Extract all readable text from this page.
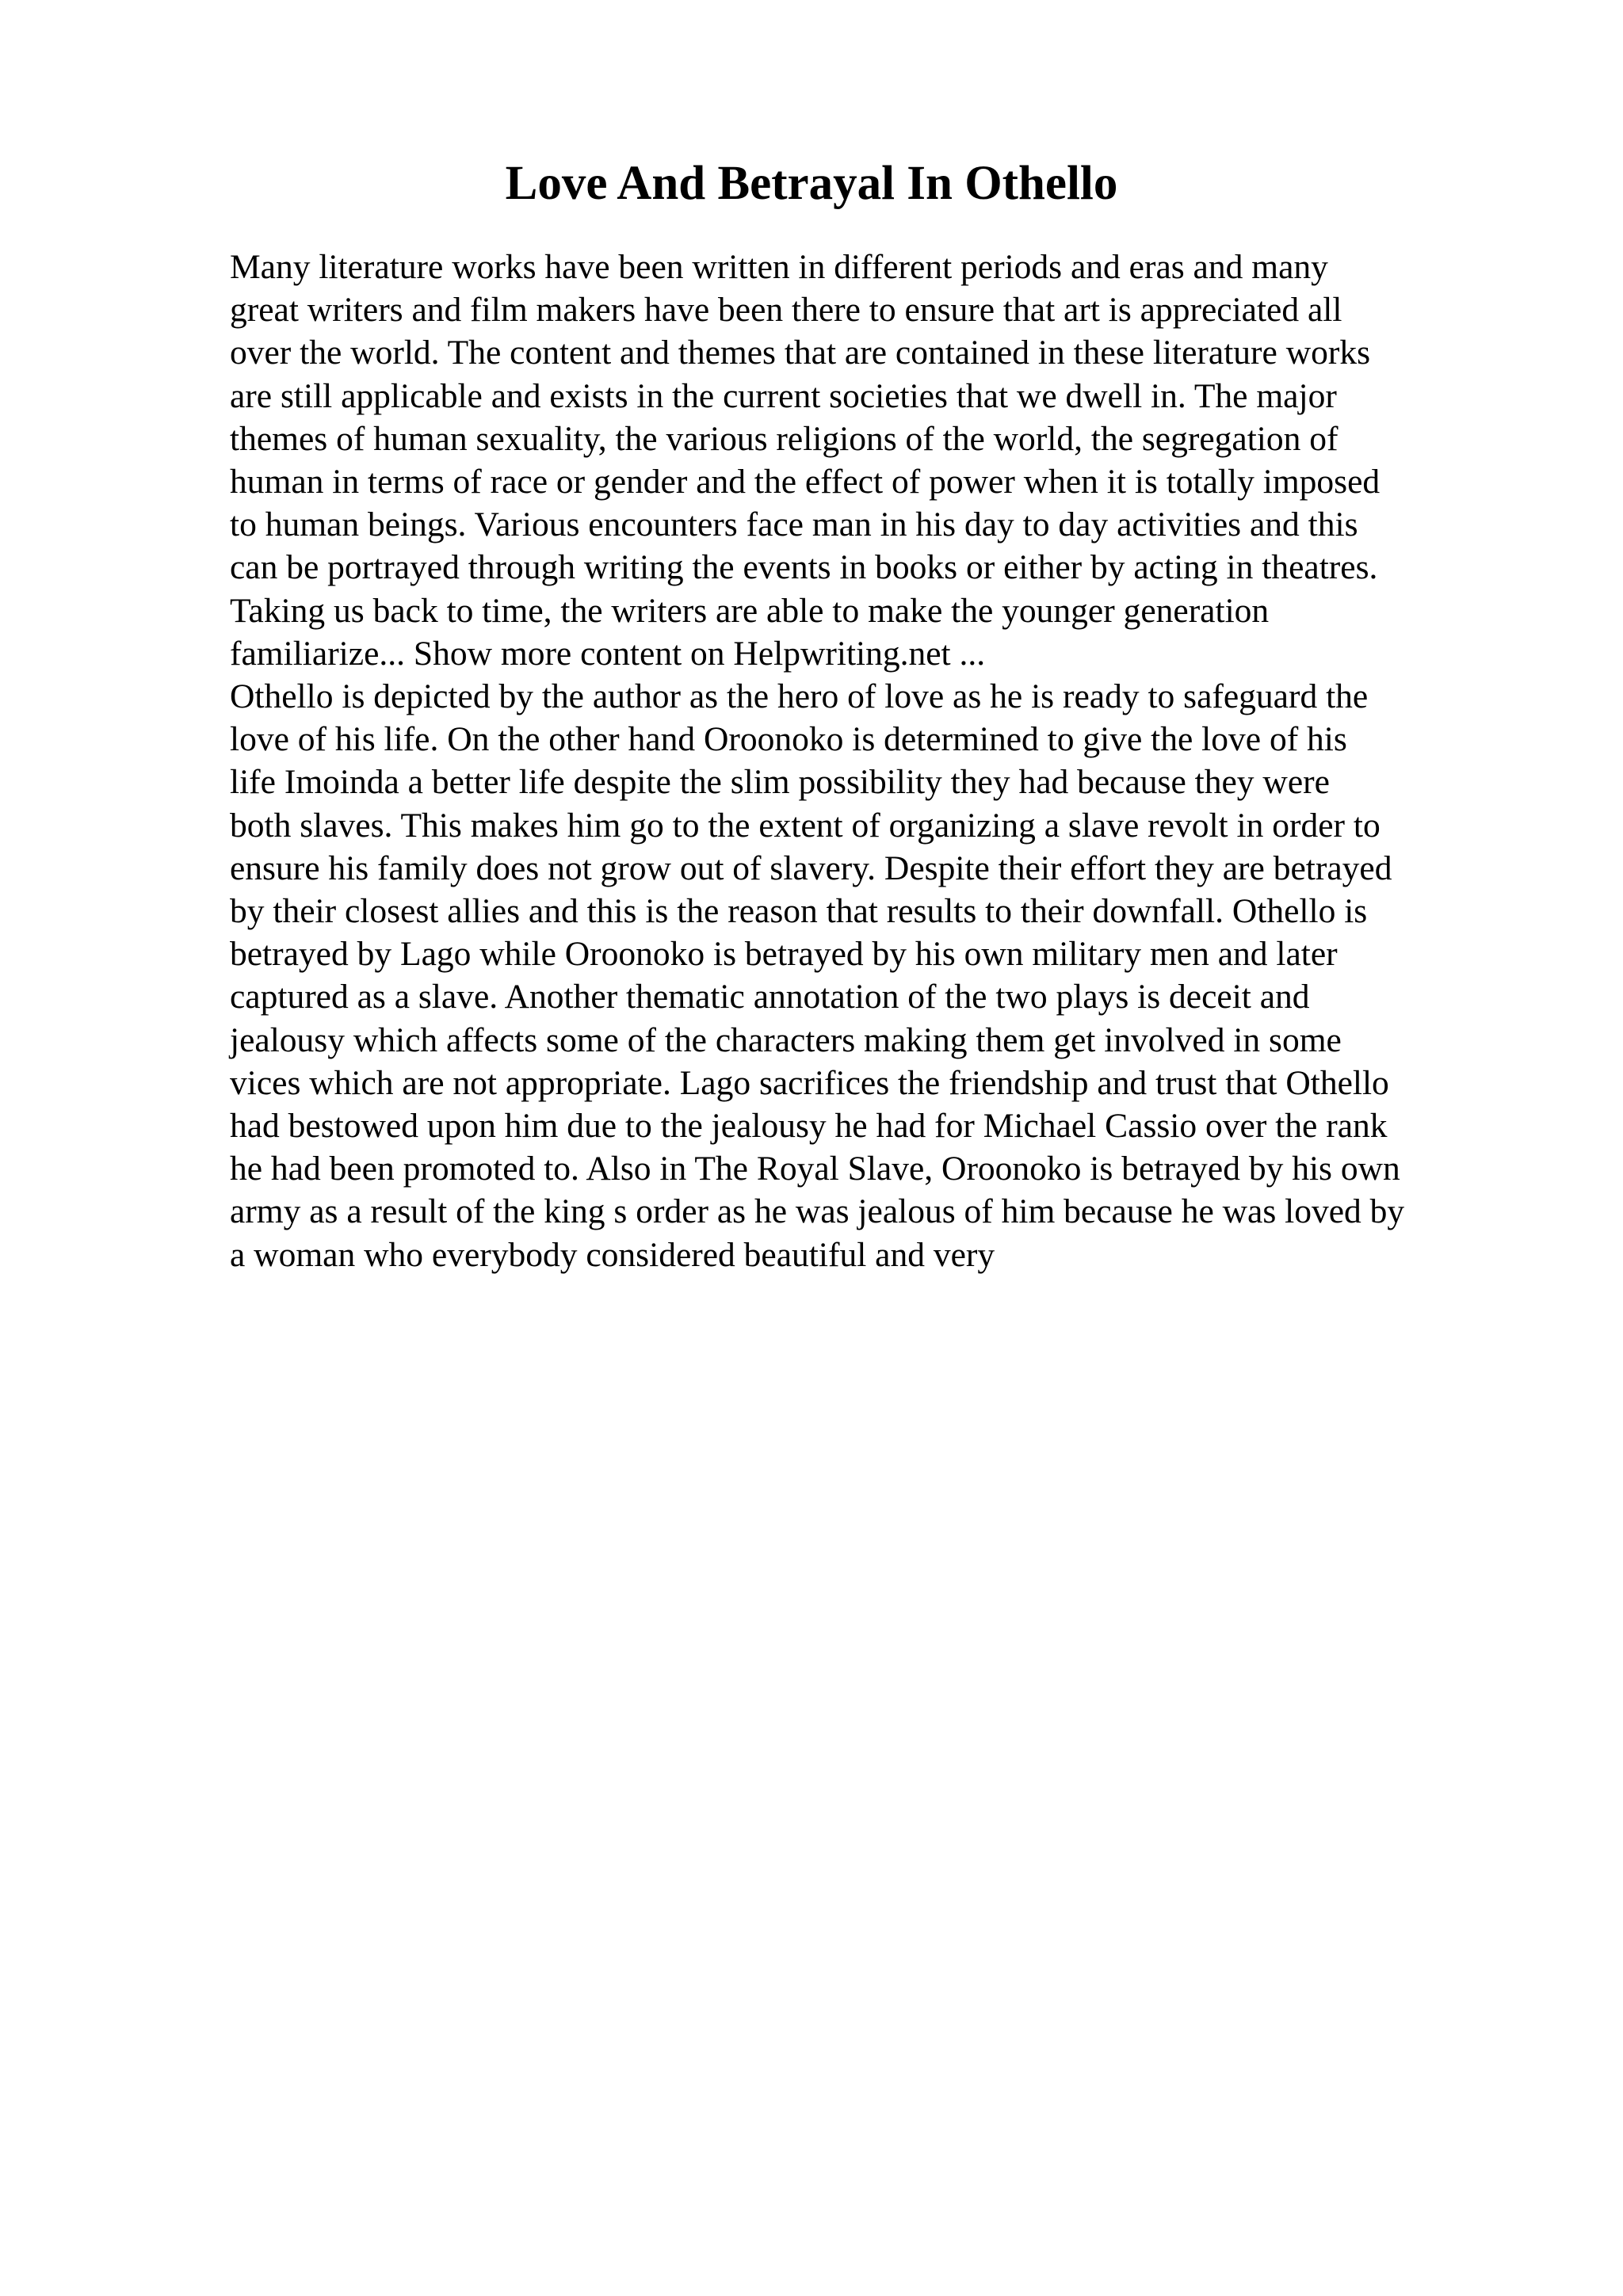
Love And Betrayal In Othello
Many literature works have been written in different periods and eras and many
great writers and film makers have been there to ensure that art is appreciated all
over the world. The content and themes that are contained in these literature works
are still applicable and exists in the current societies that we dwell in. The major
themes of human sexuality, the various religions of the world, the segregation of
human in terms of race or gender and the effect of power when it is totally imposed
to human beings. Various encounters face man in his day to day activities and this
can be portrayed through writing the events in books or either by acting in theatres.
Taking us back to time, the writers are able to make the younger generation
familiarize... Show more content on Helpwriting.net ...
Othello is depicted by the author as the hero of love as he is ready to safeguard the
love of his life. On the other hand Oroonoko is determined to give the love of his
life Imoinda a better life despite the slim possibility they had because they were
both slaves. This makes him go to the extent of organizing a slave revolt in order to
ensure his family does not grow out of slavery. Despite their effort they are betrayed
by their closest allies and this is the reason that results to their downfall. Othello is
betrayed by Lago while Oroonoko is betrayed by his own military men and later
captured as a slave. Another thematic annotation of the two plays is deceit and
jealousy which affects some of the characters making them get involved in some
vices which are not appropriate. Lago sacrifices the friendship and trust that Othello
had bestowed upon him due to the jealousy he had for Michael Cassio over the rank
he had been promoted to. Also in The Royal Slave, Oroonoko is betrayed by his own
army as a result of the king s order as he was jealous of him because he was loved by
a woman who everybody considered beautiful and very
